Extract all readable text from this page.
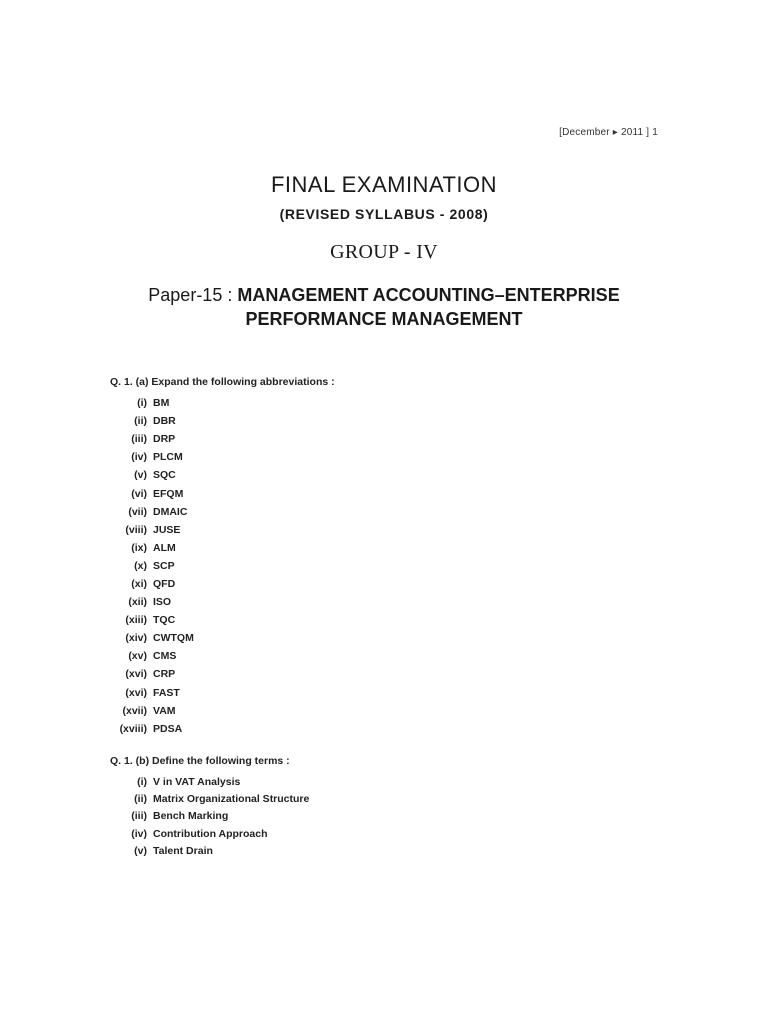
[December ▸ 2011 ] 1
FINAL EXAMINATION
(REVISED SYLLABUS - 2008)
GROUP - IV
Paper-15 : MANAGEMENT ACCOUNTING–ENTERPRISE
PERFORMANCE MANAGEMENT
Q. 1. (a) Expand the following abbreviations :
(i) BM
(ii) DBR
(iii) DRP
(iv) PLCM
(v) SQC
(vi) EFQM
(vii) DMAIC
(viii) JUSE
(ix) ALM
(x) SCP
(xi) QFD
(xii) ISO
(xiii) TQC
(xiv) CWTQM
(xv) CMS
(xvi) CRP
(xvi) FAST
(xvii) VAM
(xviii) PDSA
Q. 1. (b) Define the following terms :
(i) V in VAT Analysis
(ii) Matrix Organizational Structure
(iii) Bench Marking
(iv) Contribution Approach
(v) Talent Drain
